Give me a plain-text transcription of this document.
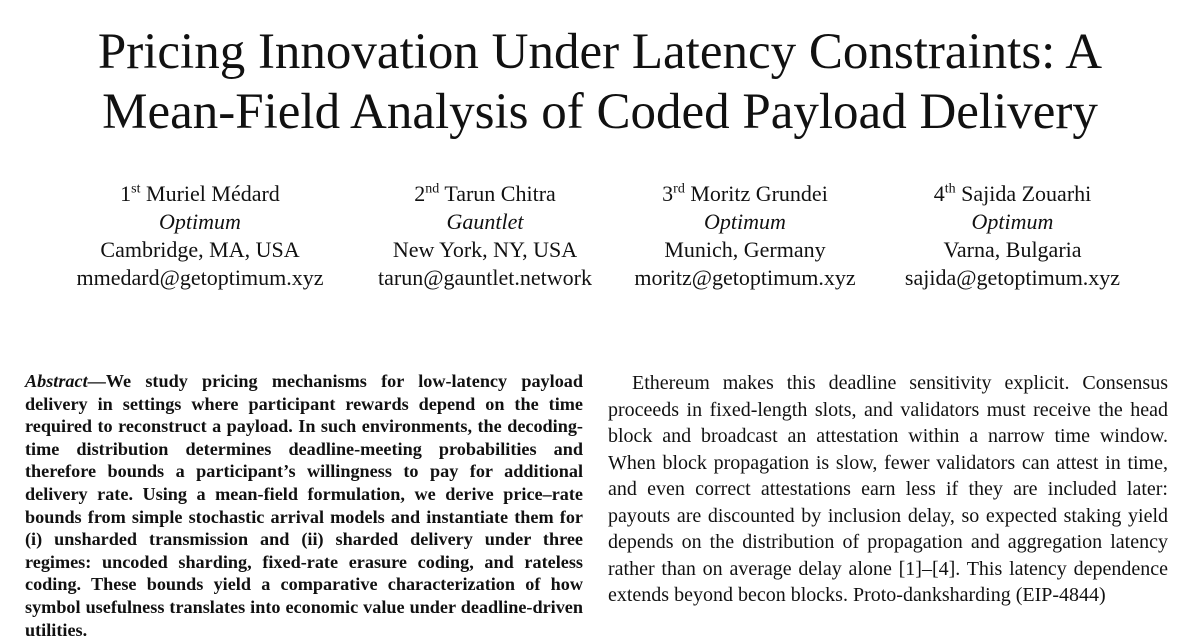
Pricing Innovation Under Latency Constraints: A
Mean-Field Analysis of Coded Payload Delivery
1st Muriel Médard
Optimum
Cambridge, MA, USA
mmedard@getoptimum.xyz
2nd Tarun Chitra
Gauntlet
New York, NY, USA
tarun@gauntlet.network
3rd Moritz Grundei
Optimum
Munich, Germany
moritz@getoptimum.xyz
4th Sajida Zouarhi
Optimum
Varna, Bulgaria
sajida@getoptimum.xyz
Abstract—We study pricing mechanisms for low-latency payload delivery in settings where participant rewards depend on the time required to reconstruct a payload. In such environments, the decoding-time distribution determines deadline-meeting probabilities and therefore bounds a participant’s willingness to pay for additional delivery rate. Using a mean-field formulation, we derive price–rate bounds from simple stochastic arrival models and instantiate them for (i) unsharded transmission and (ii) sharded delivery under three regimes: uncoded sharding, fixed-rate erasure coding, and rateless coding. These bounds yield a comparative characterization of how symbol usefulness translates into economic value under deadline-driven utilities.
Ethereum makes this deadline sensitivity explicit. Consensus proceeds in fixed-length slots, and validators must receive the head block and broadcast an attestation within a narrow time window. When block propagation is slow, fewer validators can attest in time, and even correct attestations earn less if they are included later: payouts are discounted by inclusion delay, so expected staking yield depends on the distribution of propagation and aggregation latency rather than on average delay alone [1]–[4]. This latency dependence extends beyond becon blocks. Proto-danksharding (EIP-4844)
